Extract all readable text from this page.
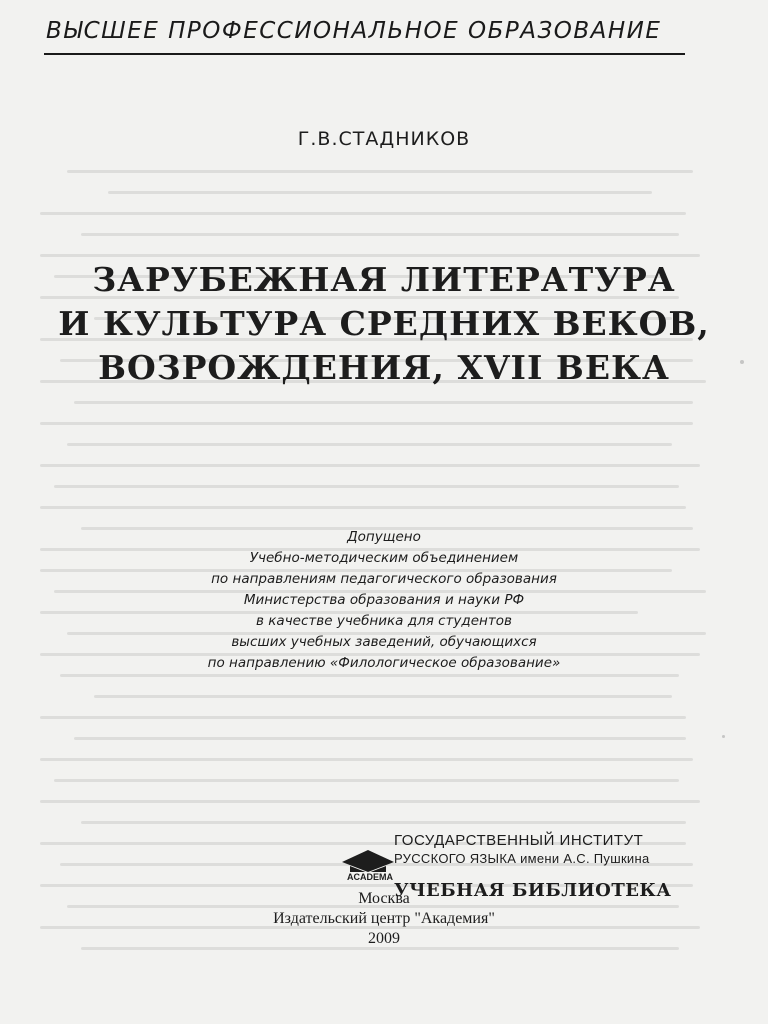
ВЫСШЕЕ ПРОФЕССИОНАЛЬНОЕ ОБРАЗОВАНИЕ
Г.В.СТАДНИКОВ
ЗАРУБЕЖНАЯ ЛИТЕРАТУРА
И КУЛЬТУРА СРЕДНИХ ВЕКОВ,
ВОЗРОЖДЕНИЯ, XVII ВЕКА
Допущено
Учебно-методическим объединением
по направлениям педагогического образования
Министерства образования и науки РФ
в качестве учебника для студентов
высших учебных заведений, обучающихся
по направлению «Филологическое образование»
ACADEMA
ГОСУДАРСТВЕННЫЙ ИНСТИТУТ
РУССКОГО ЯЗЫКА имени А.С. Пушкина
УЧЕБНАЯ БИБЛИОТЕКА
Москва
Издательский центр "Академия"
2009
